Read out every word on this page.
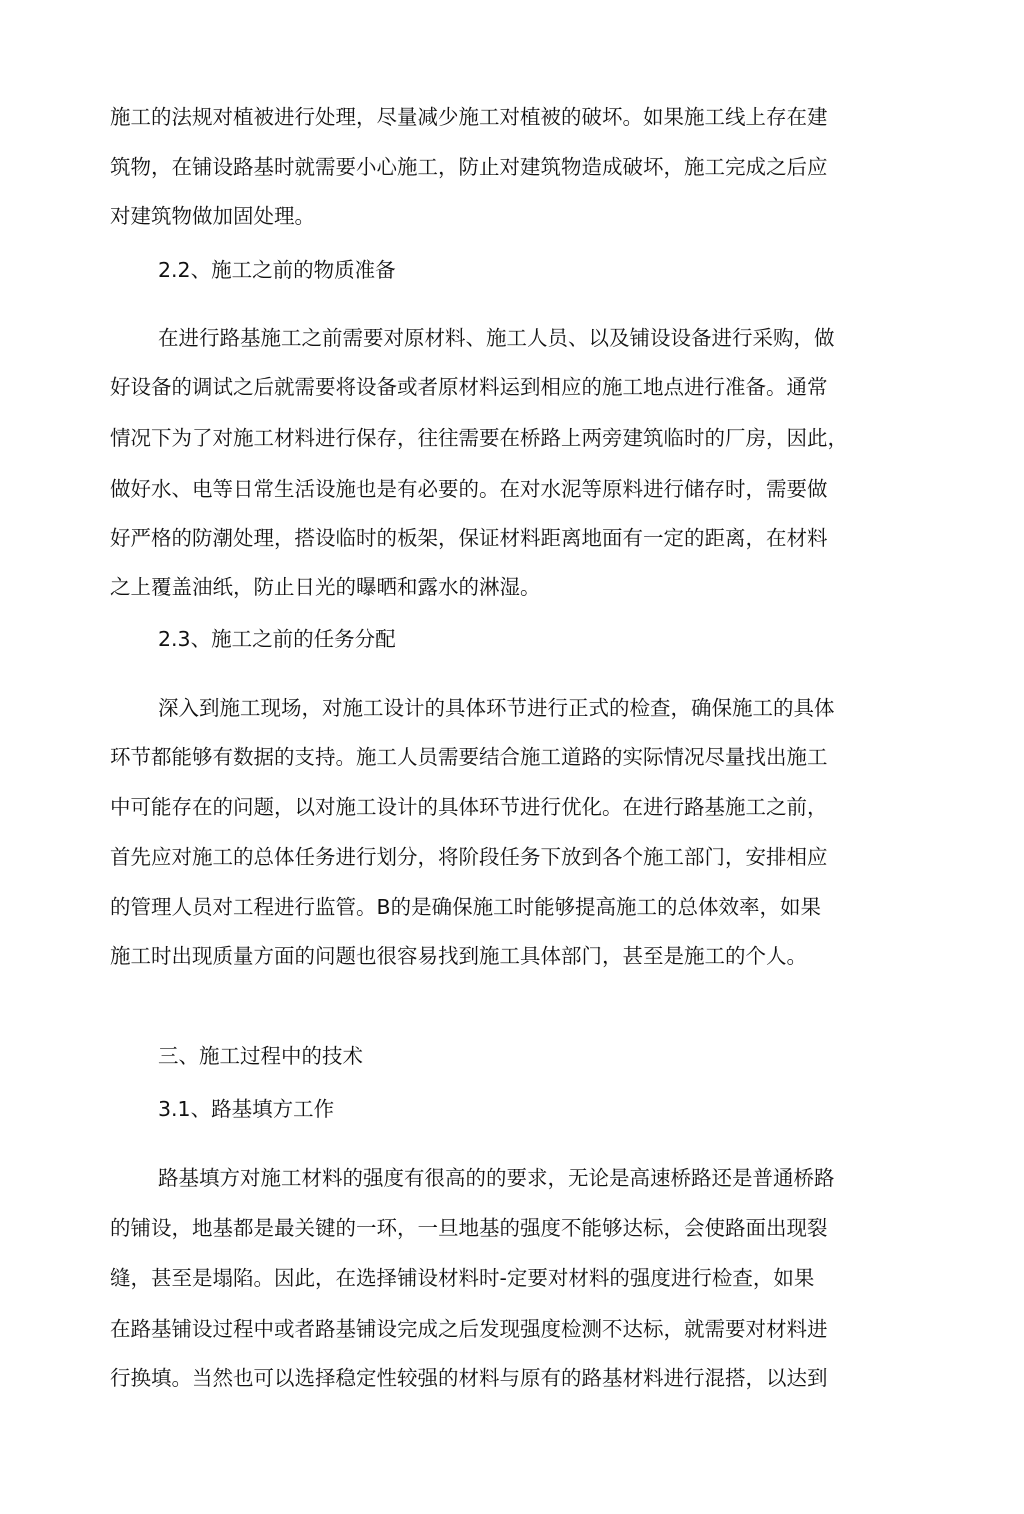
施工的法规对植被进行处理，尽量减少施工对植被的破坏。如果施工线上存在建

筑物，在铺设路基时就需要小心施工，防止对建筑物造成破坏，施工完成之后应

对建筑物做加固处理。

2.2、施工之前的物质准备

在进行路基施工之前需要对原材料、施工人员、以及铺设设备进行采购，做

好设备的调试之后就需要将设备或者原材料运到相应的施工地点进行准备。通常

情况下为了对施工材料进行保存，往往需要在桥路上两旁建筑临时的厂房，因此，

做好水、电等日常生活设施也是有必要的。在对水泥等原料进行储存时，需要做

好严格的防潮处理，搭设临时的板架，保证材料距离地面有一定的距离，在材料

之上覆盖油纸，防止日光的曝晒和露水的淋湿。

2.3、施工之前的任务分配

深入到施工现场，对施工设计的具体环节进行正式的检查，确保施工的具体

环节都能够有数据的支持。施工人员需要结合施工道路的实际情况尽量找出施工

中可能存在的问题，以对施工设计的具体环节进行优化。在进行路基施工之前，

首先应对施工的总体任务进行划分，将阶段任务下放到各个施工部门，安排相应

的管理人员对工程进行监管。B的是确保施工时能够提高施工的总体效率，如果

施工时出现质量方面的问题也很容易找到施工具体部门，甚至是施工的个人。

三、施工过程中的技术

3.1、路基填方工作

路基填方对施工材料的强度有很高的的要求，无论是高速桥路还是普通桥路

的铺设，地基都是最关键的一环，一旦地基的强度不能够达标，会使路面出现裂

缝，甚至是塌陷。因此，在选择铺设材料时-定要对材料的强度进行检查，如果

在路基铺设过程中或者路基铺设完成之后发现强度检测不达标，就需要对材料进

行换填。当然也可以选择稳定性较强的材料与原有的路基材料进行混搭，以达到
